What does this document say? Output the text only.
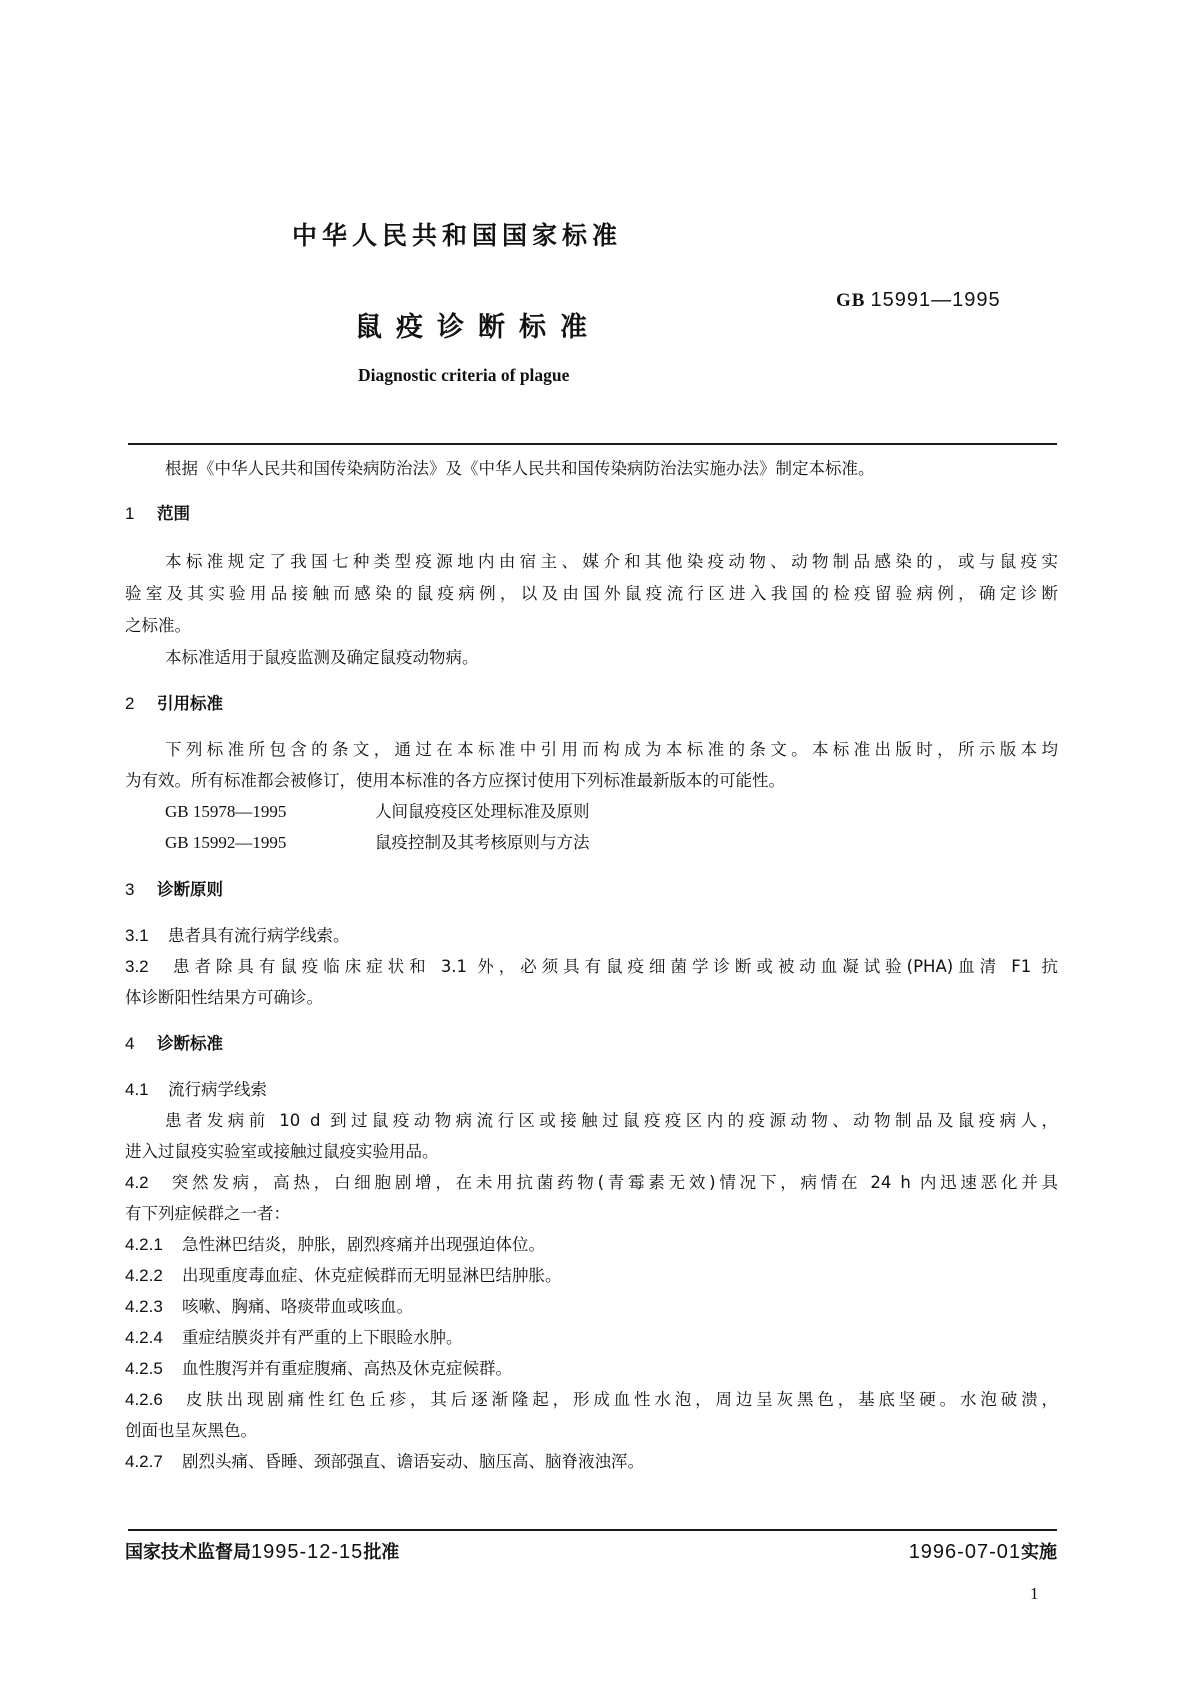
中华人民共和国国家标准
GB 15991—1995
鼠疫诊断标准
Diagnostic criteria of plague
根据《中华人民共和国传染病防治法》及《中华人民共和国传染病防治法实施办法》制定本标准。
1 范围
本标准规定了我国七种类型疫源地内由宿主、媒介和其他染疫动物、动物制品感染的，或与鼠疫实
验室及其实验用品接触而感染的鼠疫病例，以及由国外鼠疫流行区进入我国的检疫留验病例，确定诊断
之标准。
本标准适用于鼠疫监测及确定鼠疫动物病。
2 引用标准
下列标准所包含的条文，通过在本标准中引用而构成为本标准的条文。本标准出版时，所示版本均
为有效。所有标准都会被修订，使用本标准的各方应探讨使用下列标准最新版本的可能性。
GB 15978—1995	人间鼠疫疫区处理标准及原则
GB 15992—1995	鼠疫控制及其考核原则与方法
3 诊断原则
3.1 患者具有流行病学线索。
3.2 患者除具有鼠疫临床症状和 3.1 外，必须具有鼠疫细菌学诊断或被动血凝试验(PHA)血清 F1 抗
体诊断阳性结果方可确诊。
4 诊断标准
4.1 流行病学线索
患者发病前 10 d 到过鼠疫动物病流行区或接触过鼠疫疫区内的疫源动物、动物制品及鼠疫病人，
进入过鼠疫实验室或接触过鼠疫实验用品。
4.2 突然发病，高热，白细胞剧增，在未用抗菌药物(青霉素无效)情况下，病情在 24 h 内迅速恶化并具
有下列症候群之一者：
4.2.1 急性淋巴结炎，肿胀，剧烈疼痛并出现强迫体位。
4.2.2 出现重度毒血症、休克症候群而无明显淋巴结肿胀。
4.2.3 咳嗽、胸痛、咯痰带血或咳血。
4.2.4 重症结膜炎并有严重的上下眼睑水肿。
4.2.5 血性腹泻并有重症腹痛、高热及休克症候群。
4.2.6 皮肤出现剧痛性红色丘疹，其后逐渐隆起，形成血性水泡，周边呈灰黑色，基底坚硬。水泡破溃，
创面也呈灰黑色。
4.2.7 剧烈头痛、昏睡、颈部强直、谵语妄动、脑压高、脑脊液浊浑。
国家技术监督局1995-12-15批准	1996-07-01实施
1
